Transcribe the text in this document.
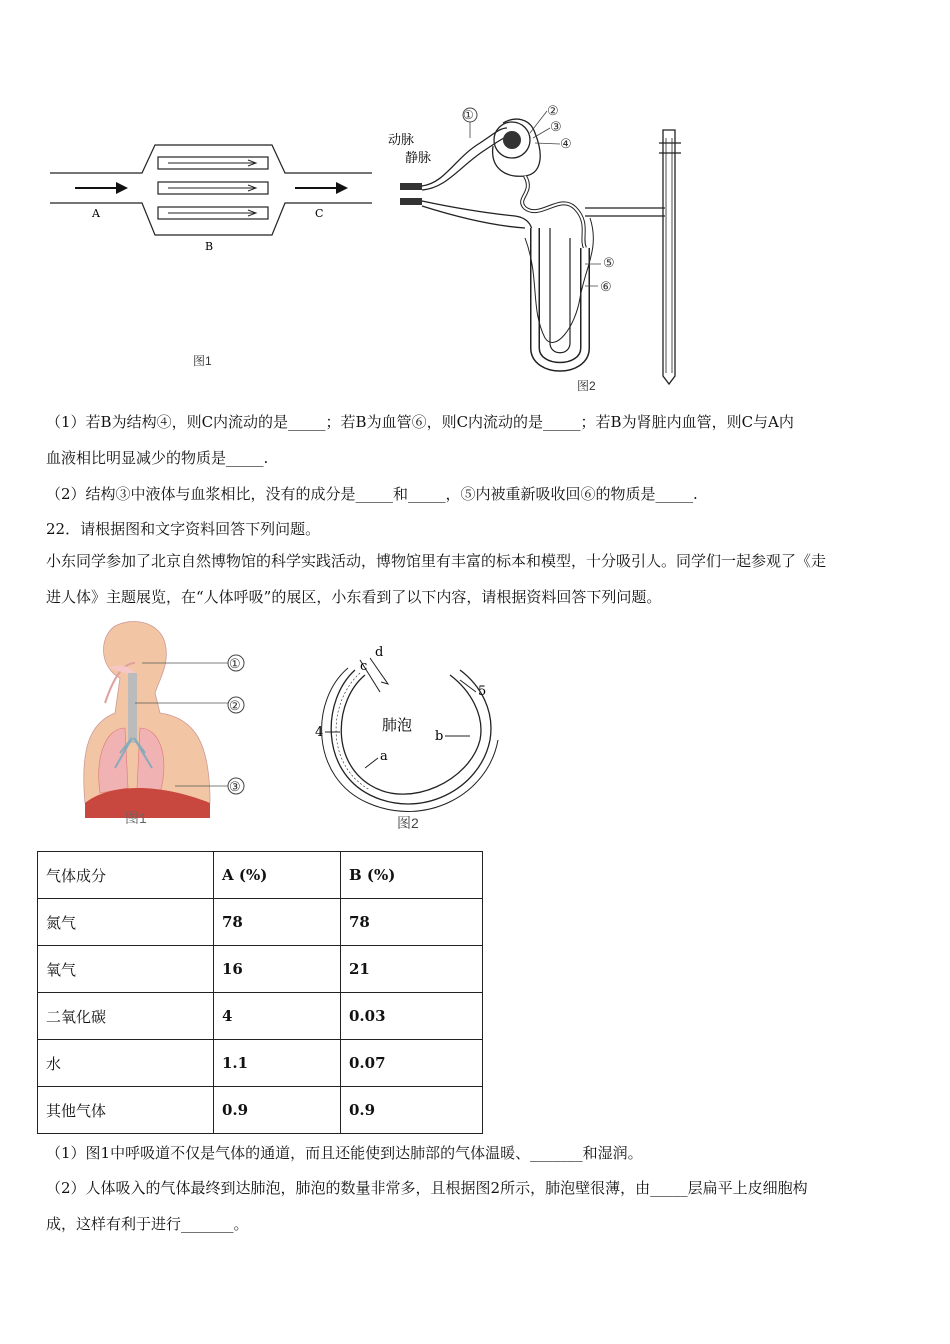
A
B
C
图1
动脉
静脉
①	②
③
④
⑤
⑥
图2
（1）若B为结构④，则C内流动的是_____；若B为血管⑥，则C内流动的是_____；若B为肾脏内血管，则C与A内
血液相比明显减少的物质是_____.
（2）结构③中液体与血浆相比，没有的成分是_____和_____，⑤内被重新吸收回⑥的物质是_____.
22．请根据图和文字资料回答下列问题。
小东同学参加了北京自然博物馆的科学实践活动，博物馆里有丰富的标本和模型，十分吸引人。同学们一起参观了《走
进人体》主题展览，在“人体呼吸”的展区，小东看到了以下内容，请根据资料回答下列问题。
①
②
③
图1
c
d
肺泡
a
b
4
5
图2
气体成分	A (%)	B (%)
氮气	78	78
氧气	16	21
二氧化碳	4	0.03
水	1.1	0.07
其他气体	0.9	0.9
（1）图1中呼吸道不仅是气体的通道，而且还能使到达肺部的气体温暖、_______和湿润。
（2）人体吸入的气体最终到达肺泡，肺泡的数量非常多，且根据图2所示，肺泡壁很薄，由_____层扁平上皮细胞构
成，这样有利于进行_______。
